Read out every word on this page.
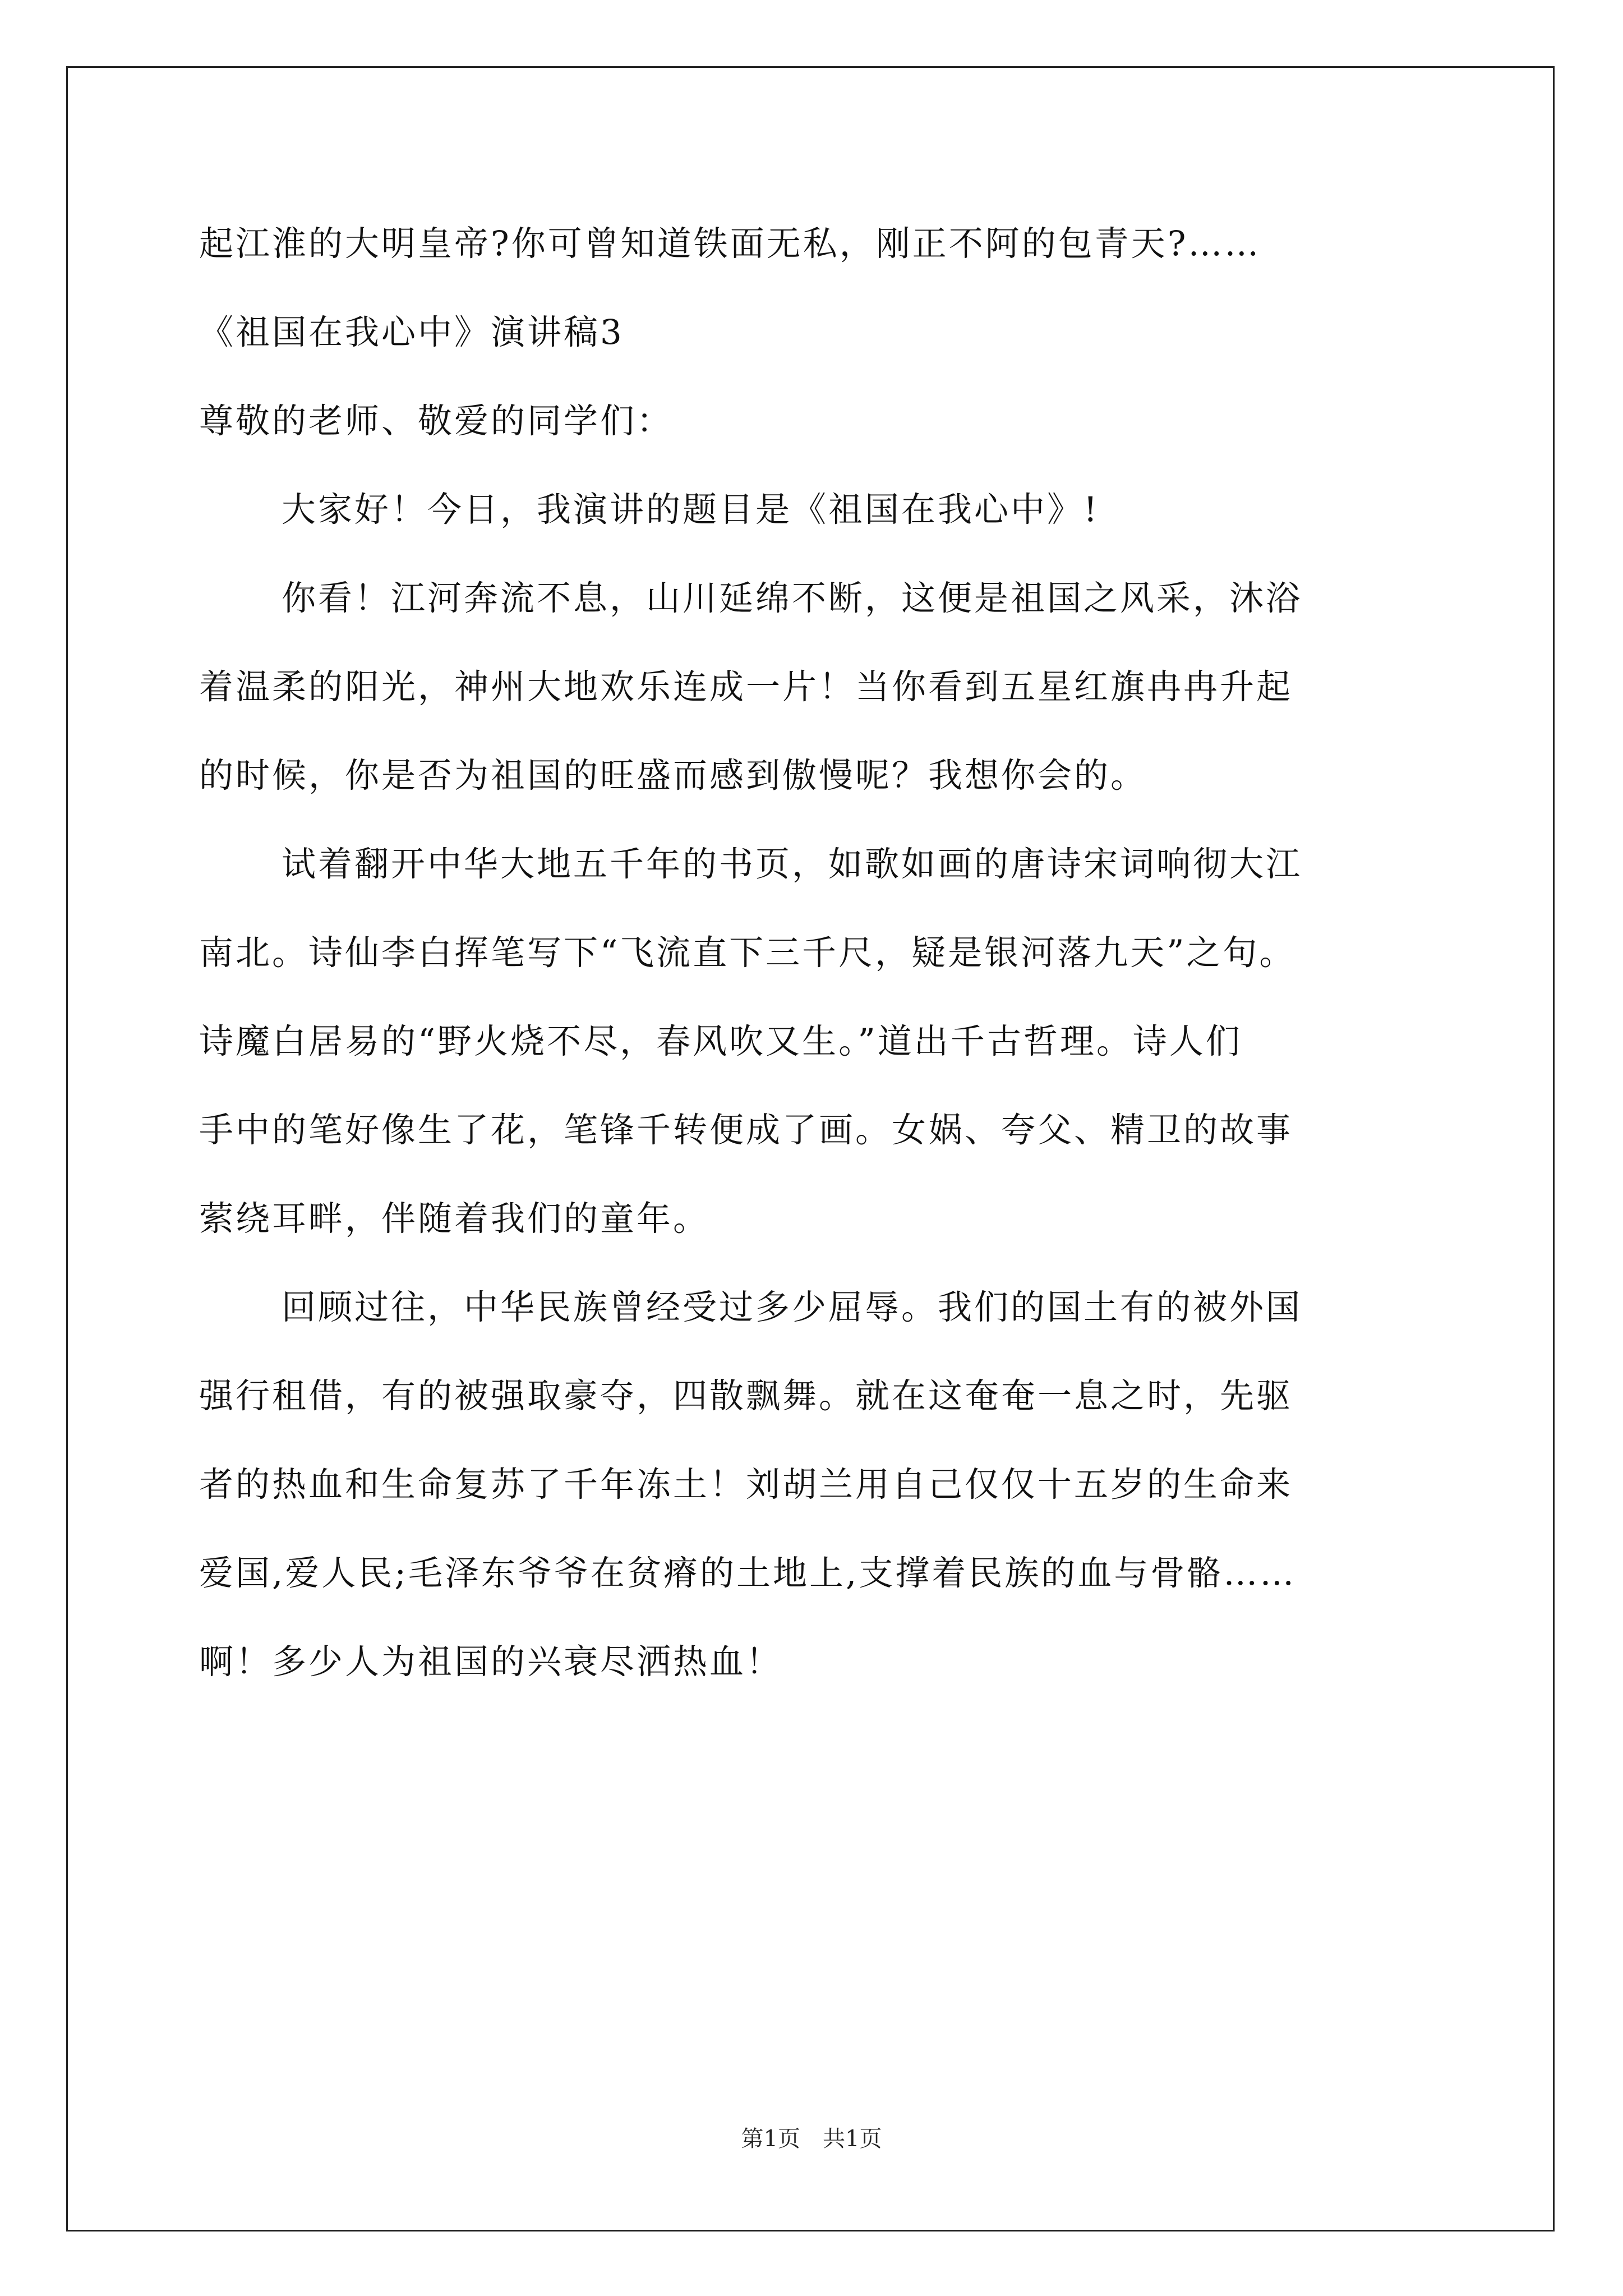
起江淮的大明皇帝?你可曾知道铁面无私，刚正不阿的包青天?……
《祖国在我心中》演讲稿3
尊敬的老师、敬爱的同学们：
大家好！今日，我演讲的题目是《祖国在我心中》!
你看！江河奔流不息，山川延绵不断，这便是祖国之风采，沐浴
着温柔的阳光，神州大地欢乐连成一片！当你看到五星红旗冉冉升起
的时候，你是否为祖国的旺盛而感到傲慢呢？我想你会的。
试着翻开中华大地五千年的书页，如歌如画的唐诗宋词响彻大江
南北。诗仙李白挥笔写下“飞流直下三千尺，疑是银河落九天”之句。
诗魔白居易的“野火烧不尽，春风吹又生。”道出千古哲理。诗人们
手中的笔好像生了花，笔锋千转便成了画。女娲、夸父、精卫的故事
萦绕耳畔，伴随着我们的童年。
回顾过往，中华民族曾经受过多少屈辱。我们的国土有的被外国
强行租借，有的被强取豪夺，四散飘舞。就在这奄奄一息之时，先驱
者的热血和生命复苏了千年冻土！刘胡兰用自己仅仅十五岁的生命来
爱国,爱人民;毛泽东爷爷在贫瘠的土地上,支撑着民族的血与骨骼……
啊！多少人为祖国的兴衰尽洒热血！
第1页　共1页
